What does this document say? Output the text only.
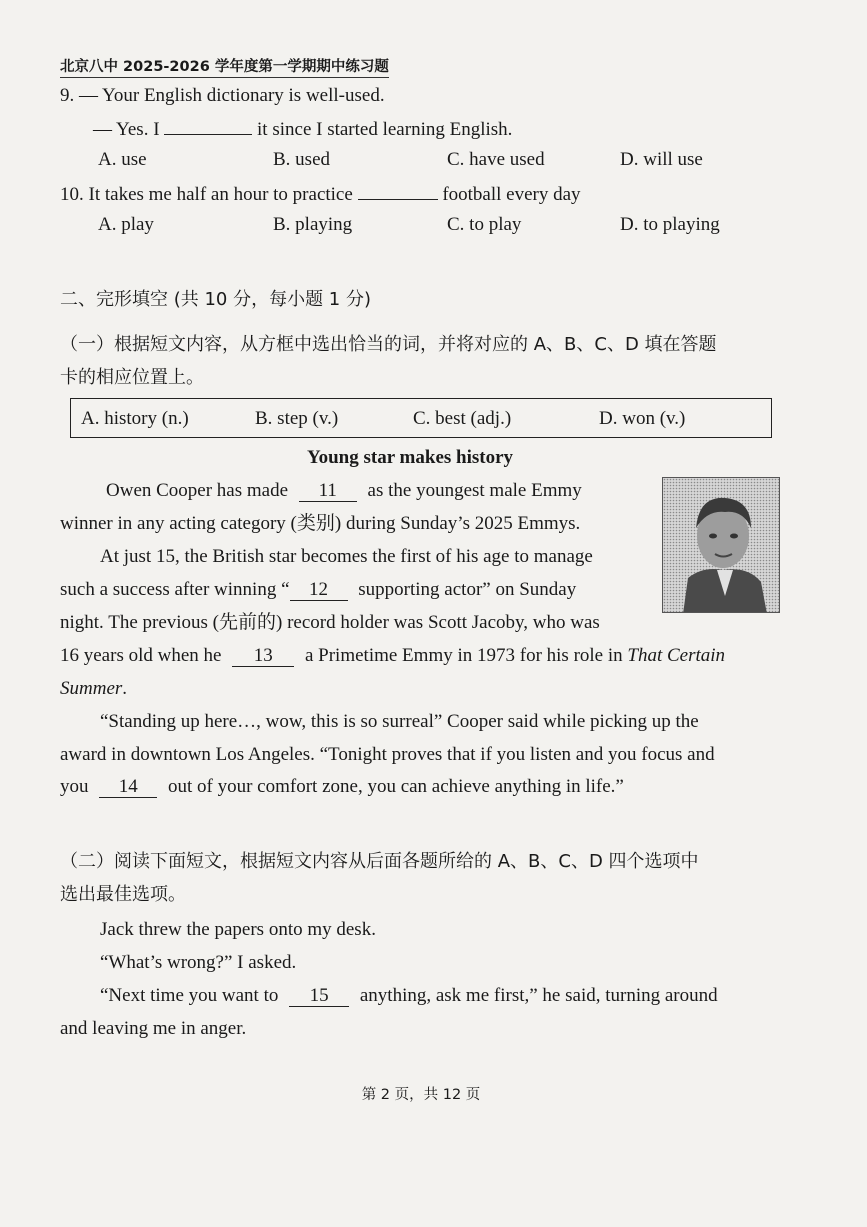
北京八中 2025-2026 学年度第一学期期中练习题
9. — Your English dictionary is well-used.
— Yes. I	it since I started learning English.
A. use	B. used	C. have used	D. will use
10. It takes me half an hour to practice	football every day
A. play	B. playing	C. to play	D. to playing
二、完形填空 (共 10 分，每小题 1 分)
（一）根据短文内容，从方框中选出恰当的词，并将对应的 A、B、C、D 填在答题
卡的相应位置上。
A. history (n.)	B. step (v.)	C. best (adj.)	D. won (v.)
Young star makes history
Owen Cooper has made 11 as the youngest male Emmy
winner in any acting category (类别) during Sunday’s 2025 Emmys.
At just 15, the British star becomes the first of his age to manage
such a success after winning “ 12 supporting actor” on Sunday
night. The previous (先前的) record holder was Scott Jacoby, who was
16 years old when he 13 a Primetime Emmy in 1973 for his role in That Certain
Summer.
“Standing up here…, wow, this is so surreal” Cooper said while picking up the
award in downtown Los Angeles. “Tonight proves that if you listen and you focus and
you 14 out of your comfort zone, you can achieve anything in life.”
（二）阅读下面短文，根据短文内容从后面各题所给的 A、B、C、D 四个选项中
选出最佳选项。
Jack threw the papers onto my desk.
“What’s wrong?” I asked.
“Next time you want to 15 anything, ask me first,” he said, turning around
and leaving me in anger.
第 2 页，共 12 页
